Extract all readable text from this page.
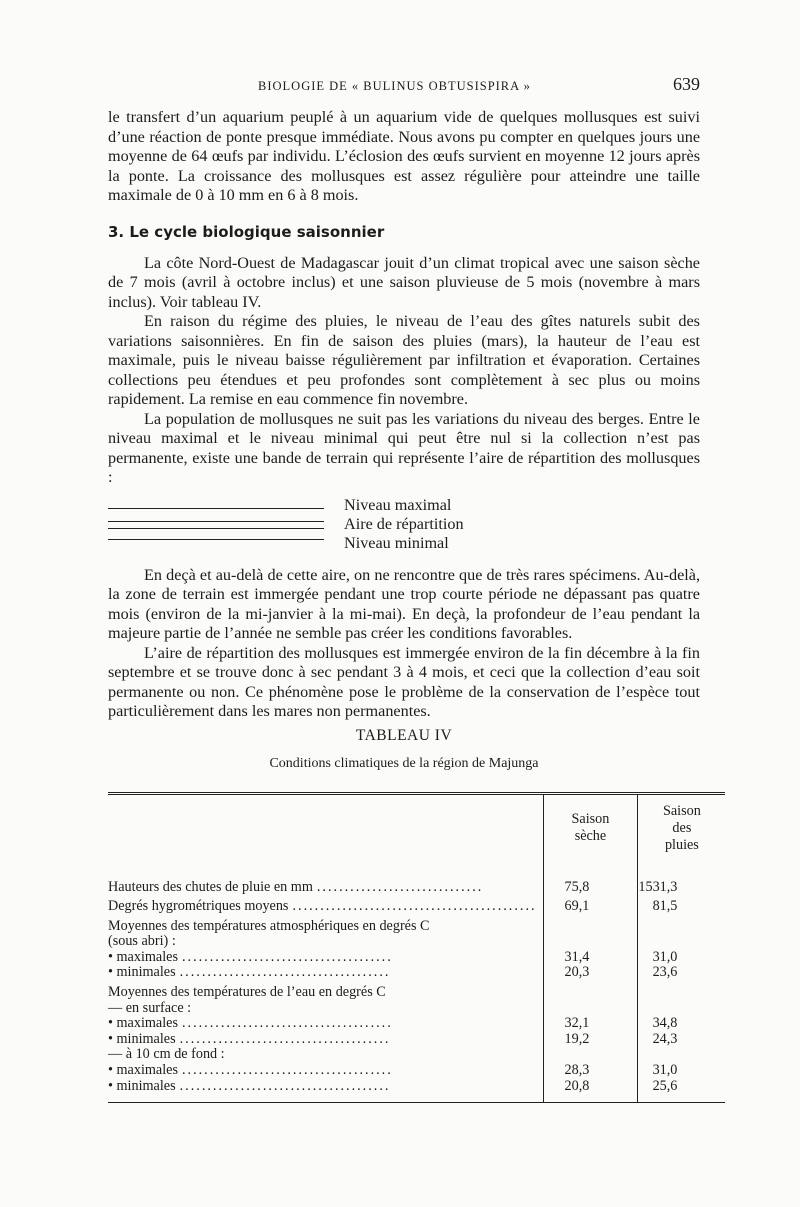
BIOLOGIE DE « BULINUS OBTUSISPIRA »	639

le transfert d’un aquarium peuplé à un aquarium vide de quelques mollusques est suivi d’une réaction de ponte presque immédiate. Nous avons pu compter en quelques jours une moyenne de 64 œufs par individu. L’éclosion des œufs survient en moyenne 12 jours après la ponte. La croissance des mollusques est assez régulière pour atteindre une taille maximale de 0 à 10 mm en 6 à 8 mois.

3. Le cycle biologique saisonnier

La côte Nord-Ouest de Madagascar jouit d’un climat tropical avec une saison sèche de 7 mois (avril à octobre inclus) et une saison pluvieuse de 5 mois (novembre à mars inclus). Voir tableau IV.

En raison du régime des pluies, le niveau de l’eau des gîtes naturels subit des variations saisonnières. En fin de saison des pluies (mars), la hauteur de l’eau est maximale, puis le niveau baisse régulièrement par infiltration et évaporation. Certaines collections peu étendues et peu profondes sont complètement à sec plus ou moins rapidement. La remise en eau commence fin novembre.

La population de mollusques ne suit pas les variations du niveau des berges. Entre le niveau maximal et le niveau minimal qui peut être nul si la collection n’est pas permanente, existe une bande de terrain qui représente l’aire de répartition des mollusques :

Niveau maximal
Aire de répartition
Niveau minimal

En deçà et au-delà de cette aire, on ne rencontre que de très rares spécimens. Au-delà, la zone de terrain est immergée pendant une trop courte période ne dépassant pas quatre mois (environ de la mi-janvier à la mi-mai). En deçà, la profondeur de l’eau pendant la majeure partie de l’année ne semble pas créer les conditions favorables.

L’aire de répartition des mollusques est immergée environ de la fin décembre à la fin septembre et se trouve donc à sec pendant 3 à 4 mois, et ceci que la collection d’eau soit permanente ou non. Ce phénomène pose le problème de la conservation de l’espèce tout particulièrement dans les mares non permanentes.

TABLEAU IV
Conditions climatiques de la région de Majunga
	Saison sèche	Saison des pluies

Hauteurs des chutes de pluie en mm ..............................	75,8	1531,3

Degrés hygrométriques moyens ............................................	69,1	81,5
Moyennes des températures atmosphériques en degrés C		
(sous abri) :		

• maximales ......................................	31,4	31,0

• minimales ......................................	20,3	23,6
Moyennes des températures de l’eau en degrés C		
— en surface :		

• maximales ......................................	32,1	34,8

• minimales ......................................	19,2	24,3
— à 10 cm de fond :		

• maximales ......................................	28,3	31,0

• minimales ......................................	20,8	25,6
